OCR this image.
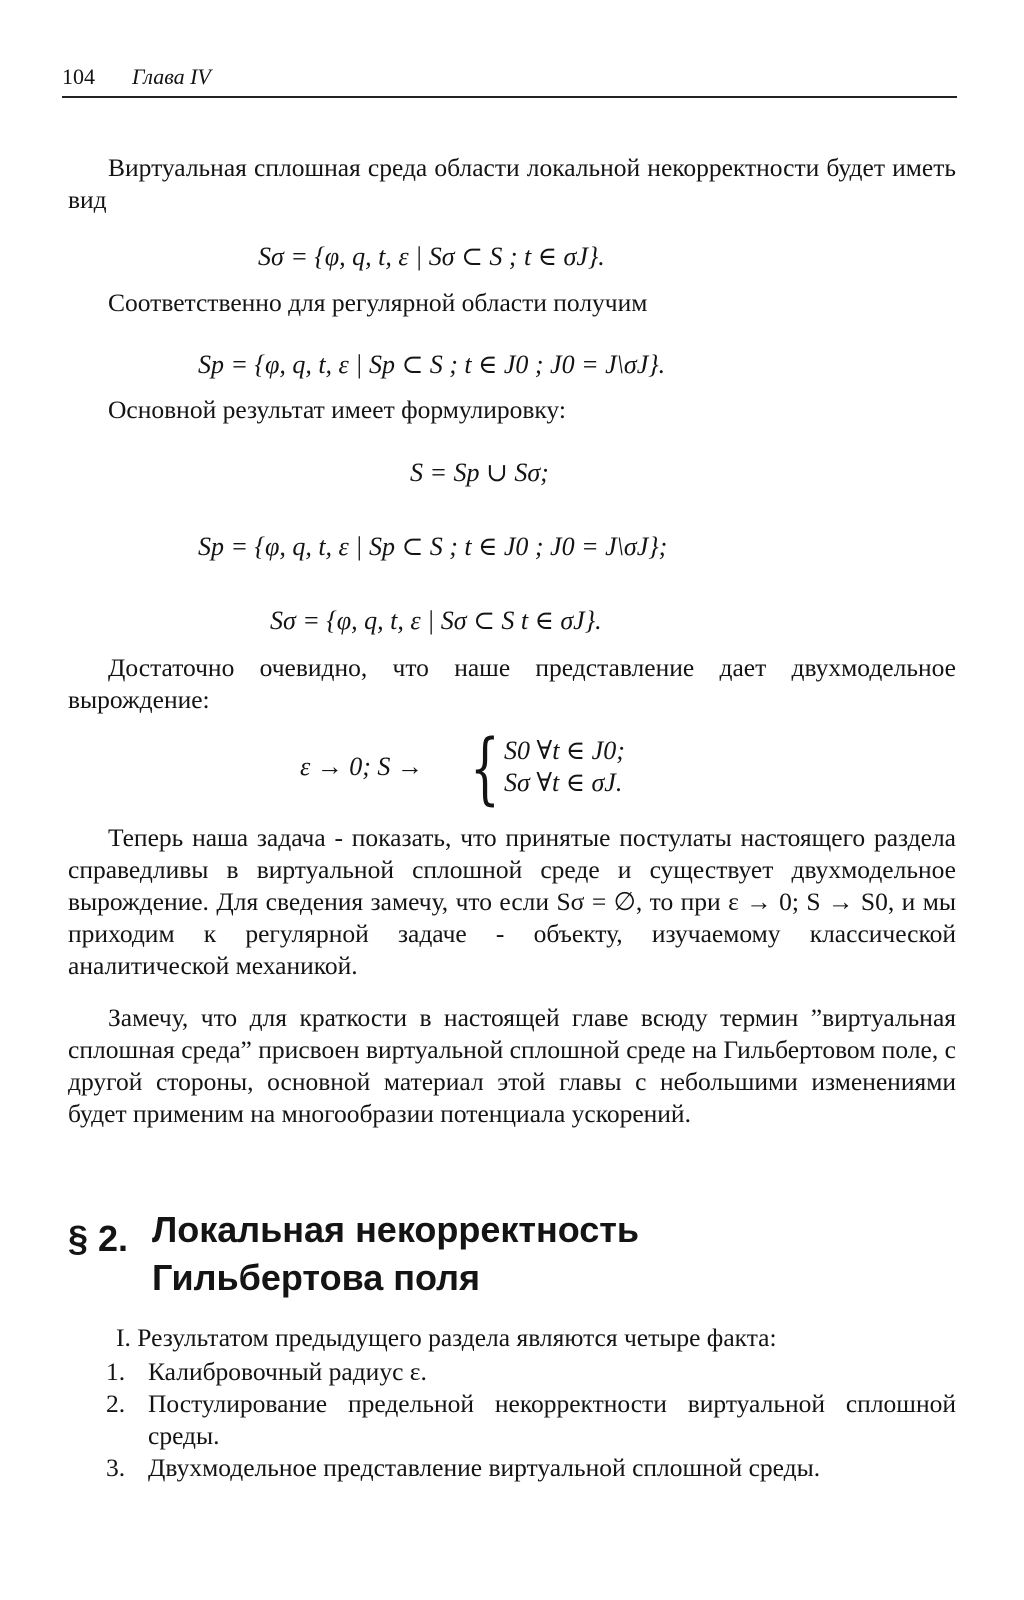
104 Глава IV

Виртуальная сплошная среда области локальной некорректности будет иметь вид

Sσ = {φ, q, t, ε | Sσ ⊂ S ; t ∈ σJ}.

Соответственно для регулярной области получим

Sp = {φ, q, t, ε | Sp ⊂ S ; t ∈ J0 ; J0 = J\σJ}.

Основной результат имеет формулировку:

S = Sp ∪ Sσ;
Sp = {φ, q, t, ε | Sp ⊂ S ; t ∈ J0 ; J0 = J\σJ};
Sσ = {φ, q, t, ε | Sσ ⊂ S t ∈ σJ}.

Достаточно очевидно, что наше представление дает двухмодельное вырождение:

ε → 0; S → { S0 ∀t ∈ J0;
Sσ ∀t ∈ σJ.

Теперь наша задача - показать, что принятые постулаты настоящего раздела справедливы в виртуальной сплошной среде и существует двухмодельное вырождение. Для сведения замечу, что если Sσ = ∅, то при ε → 0; S → S0, и мы приходим к регулярной задаче - объекту, изучаемому классической аналитической механикой.

Замечу, что для краткости в настоящей главе всюду термин ”виртуальная сплошная среда” присвоен виртуальной сплошной среде на Гильбертовом поле, с другой стороны, основной материал этой главы с небольшими изменениями будет применим на многообразии потенциала ускорений.

§ 2. Локальная некорректность
Гильбертова поля

I. Результатом предыдущего раздела являются четыре факта:

1. Калибровочный радиус ε.
2. Постулирование предельной некорректности виртуальной сплошной среды.
3. Двухмодельное представление виртуальной сплошной среды.
